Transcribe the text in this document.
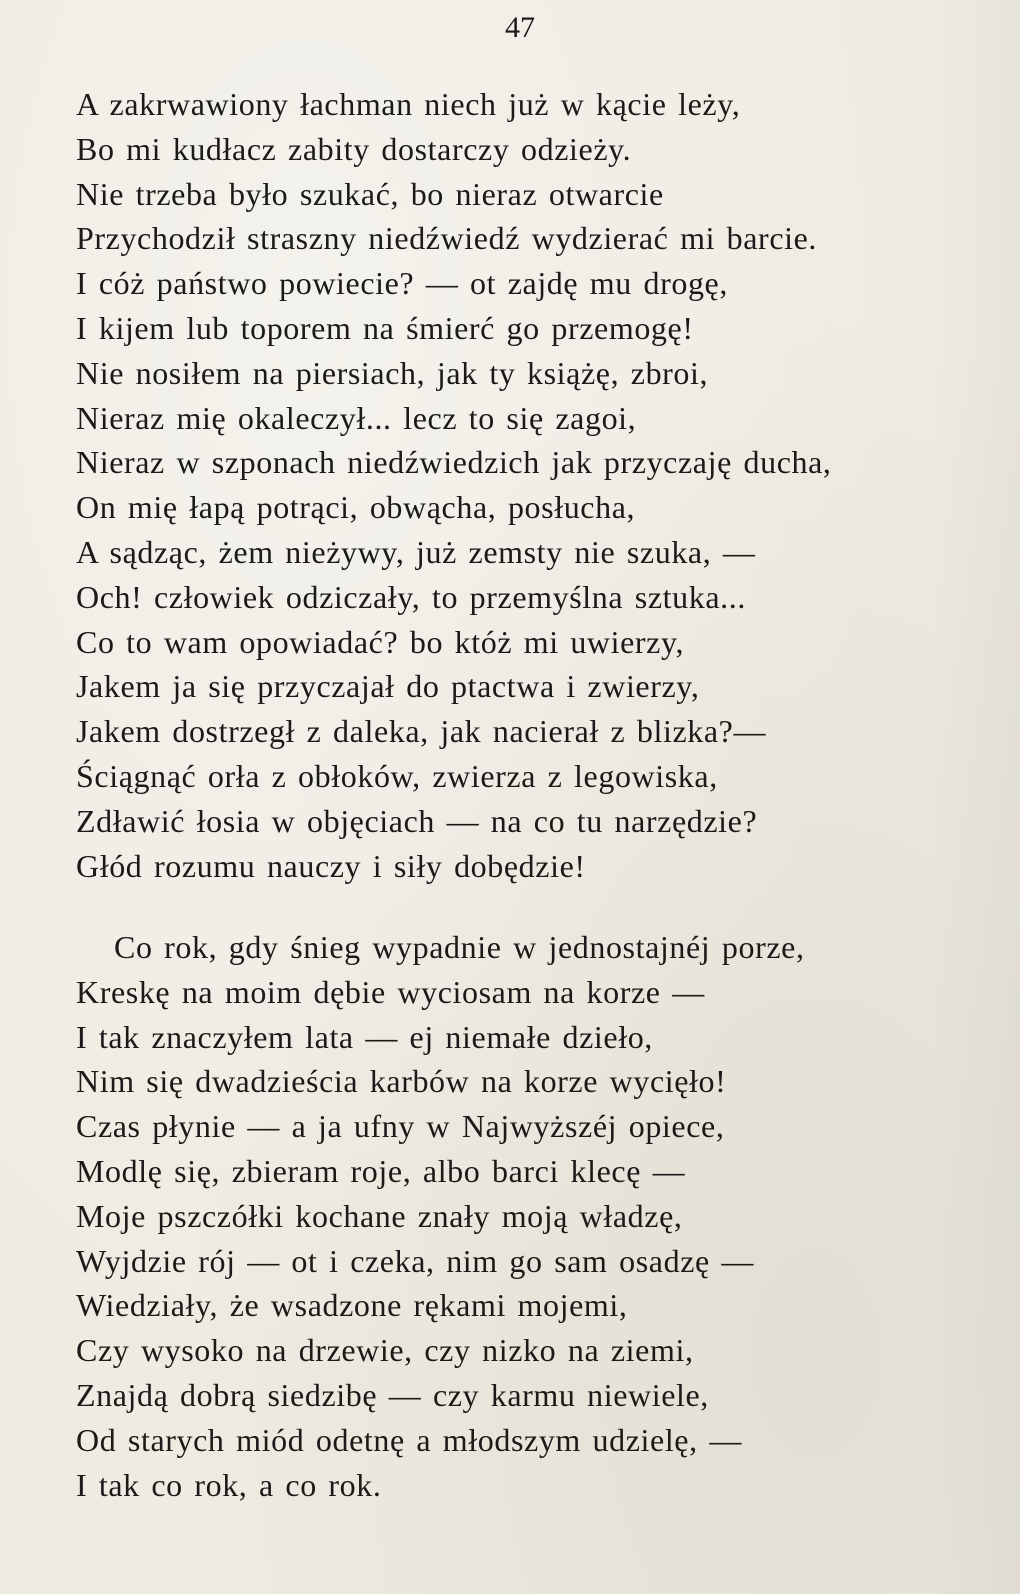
47

A zakrwawiony łachman niech już w kącie leży,
Bo mi kudłacz zabity dostarczy odzieży.
Nie trzeba było szukać, bo nieraz otwarcie
Przychodził straszny niedźwiedź wydzierać mi barcie.
I cóż państwo powiecie? — ot zajdę mu drogę,
I kijem lub toporem na śmierć go przemogę!
Nie nosiłem na piersiach, jak ty książę, zbroi,
Nieraz mię okaleczył... lecz to się zagoi,
Nieraz w szponach niedźwiedzich jak przyczaję ducha,
On mię łapą potrąci, obwącha, posłucha,
A sądząc, żem nieżywy, już zemsty nie szuka, —
Och! człowiek odziczały, to przemyślna sztuka...
Co to wam opowiadać? bo któż mi uwierzy,
Jakem ja się przyczajał do ptactwa i zwierzy,
Jakem dostrzegł z daleka, jak nacierał z blizka?—
Ściągnąć orła z obłoków, zwierza z legowiska,
Zdławić łosia w objęciach — na co tu narzędzie?
Głód rozumu nauczy i siły dobędzie!
Co rok, gdy śnieg wypadnie w jednostajnéj porze,
Kreskę na moim dębie wyciosam na korze —
I tak znaczyłem lata — ej niemałe dzieło,
Nim się dwadzieścia karbów na korze wycięło!
Czas płynie — a ja ufny w Najwyższéj opiece,
Modlę się, zbieram roje, albo barci klecę —
Moje pszczółki kochane znały moją władzę,
Wyjdzie rój — ot i czeka, nim go sam osadzę —
Wiedziały, że wsadzone rękami mojemi,
Czy wysoko na drzewie, czy nizko na ziemi,
Znajdą dobrą siedzibę — czy karmu niewiele,
Od starych miód odetnę a młodszym udzielę, —
I tak co rok, a co rok.
